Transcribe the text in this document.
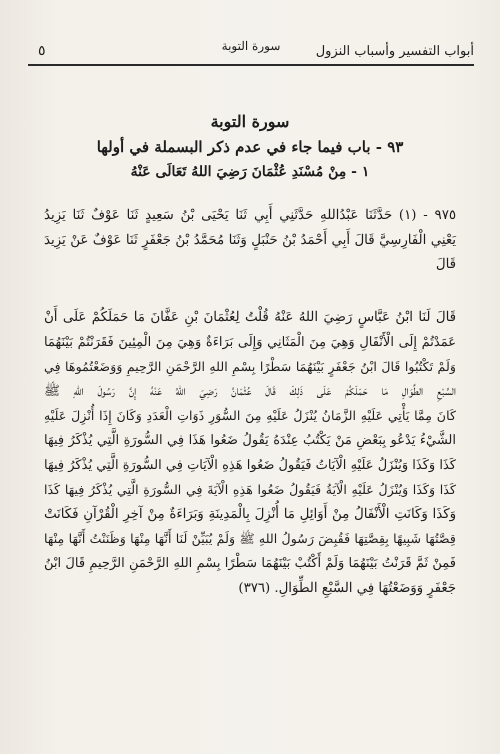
أبواب التفسير وأسباب النزول
سورة التوبة
٥
سورة التوبة
٩٣ - باب فيما جاء في عدم ذكر البسملة في أولها
١ - مِنْ مُسْنَدِ عُثْمَانَ رَضِيَ اللهُ تَعَالَى عَنْهُ
٩٧٥ - (١) حَدَّثَنَا عَبْدُاللهِ حَدَّثَنِي أَبِي ثَنَا يَحْيَى بْنُ سَعِيدٍ ثَنَا عَوْفٌ ثَنَا يَزِيدُ
يَعْنِي الْفَارِسِيَّ قَالَ أَبِي أَحْمَدُ بْنُ حَنْبَلٍ وَثَنَا مُحَمَّدُ بْنُ جَعْفَرٍ ثَنَا عَوْفٌ عَنْ يَزِيدَ
قَالَ
قَالَ لَنَا ابْنُ عَبَّاسٍ رَضِيَ اللهُ عَنْهُ قُلْتُ لِعُثْمَانَ بْنِ عَفَّانَ مَا حَمَلَكُمْ عَلَى أَنْ
عَمَدْتُمْ إِلَى الْأَنْفَالِ وَهِيَ مِنَ الْمَثَانِي وَإِلَى بَرَاءَةٌ وَهِيَ مِنَ الْمِئِينَ فَقَرَنْتُمْ بَيْنَهُمَا
وَلَمْ تَكْتُبُوا قَالَ ابْنُ جَعْفَرٍ بَيْنَهُمَا سَطْرًا بِسْمِ اللهِ الرَّحْمَنِ الرَّحِيمِ وَوَضَعْتُمُوهَا فِي
السَّبْعِ الطِّوَالِ مَا حَمَلَكُمْ عَلَى ذَلِكَ قَالَ عُثْمَانُ رَضِيَ اللهُ عَنْهُ إِنَّ رَسُولَ اللهِ ﷺ
كَانَ مِمَّا يَأْتِي عَلَيْهِ الزَّمَانُ يُنْزَلُ عَلَيْهِ مِنَ السُّوَرِ ذَوَاتِ الْعَدَدِ وَكَانَ إِذَا أُنْزِلَ عَلَيْهِ
الشَّيْءُ يَدْعُو بِبَعْضِ مَنْ يَكْتُبُ عِنْدَهُ يَقُولُ ضَعُوا هَذَا فِي السُّورَةِ الَّتِي يُذْكَرُ فِيهَا
كَذَا وَكَذَا وَيُنْزَلُ عَلَيْهِ الْآيَاتُ فَيَقُولُ ضَعُوا هَذِهِ الْآيَاتِ فِي السُّورَةِ الَّتِي يُذْكَرُ فِيهَا
كَذَا وَكَذَا وَيُنْزَلُ عَلَيْهِ الْآيَةُ فَيَقُولُ ضَعُوا هَذِهِ الْآيَةَ فِي السُّورَةِ الَّتِي يُذْكَرُ فِيهَا كَذَا
وَكَذَا وَكَانَتِ الْأَنْفَالُ مِنْ أَوَائِلِ مَا أُنْزِلَ بِالْمَدِينَةِ وَبَرَاءَةٌ مِنْ آخِرِ الْقُرْآنِ فَكَانَتْ
قِصَّتُهَا شَبِيهًا بِقِصَّتِهَا فَقُبِضَ رَسُولُ اللهِ ﷺ وَلَمْ يُبَيِّنْ لَنَا أَنَّهَا مِنْهَا وَظَنَنْتُ أَنَّهَا مِنْهَا
فَمِنْ ثَمَّ قَرَنْتُ بَيْنَهُمَا وَلَمْ أَكْتُبْ بَيْنَهُمَا سَطْرًا بِسْمِ اللهِ الرَّحْمَنِ الرَّحِيمِ قَالَ ابْنُ
جَعْفَرٍ وَوَضَعْتُهَا فِي السَّبْعِ الطِّوَالِ. (٣٧٦)
